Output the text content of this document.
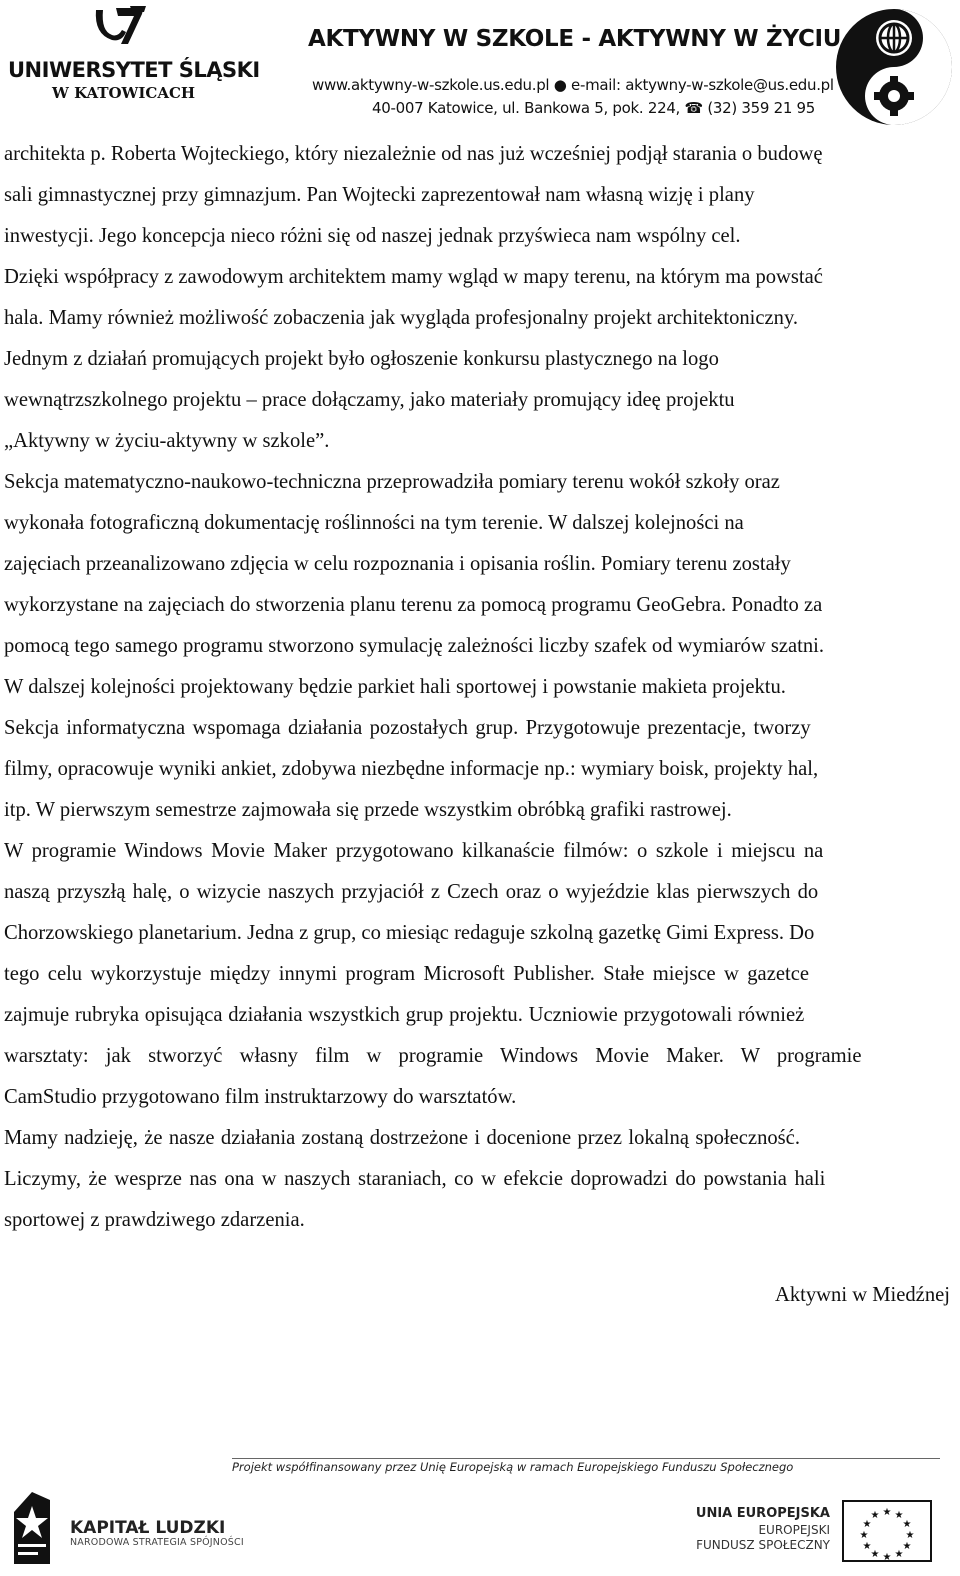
UNIWERSYTET ŚLĄSKI
W KATOWICACH
AKTYWNY W SZKOLE - AKTYWNY W ŻYCIU
www.aktywny-w-szkole.us.edu.pl ● e-mail: aktywny-w-szkole@us.edu.pl
40-007 Katowice, ul. Bankowa 5, pok. 224, ☎ (32) 359 21 95

architekta p. Roberta Wojteckiego, który niezależnie od nas już wcześniej podjął starania o budowę
sali gimnastycznej przy gimnazjum. Pan Wojtecki zaprezentował nam własną wizję i plany
inwestycji. Jego koncepcja nieco różni się od naszej jednak przyświeca nam wspólny cel.
Dzięki współpracy z zawodowym architektem mamy wgląd w mapy terenu, na którym ma powstać
hala. Mamy również możliwość zobaczenia jak wygląda profesjonalny projekt architektoniczny.

Jednym z działań promujących projekt było ogłoszenie konkursu plastycznego na logo
wewnątrzszkolnego projektu – prace dołączamy, jako materiały promujący ideę projektu
„Aktywny w życiu-aktywny w szkole”.

Sekcja matematyczno-naukowo-techniczna przeprowadziła pomiary terenu wokół szkoły oraz
wykonała fotograficzną dokumentację roślinności na tym terenie. W dalszej kolejności na
zajęciach przeanalizowano zdjęcia w celu rozpoznania i opisania roślin. Pomiary terenu zostały
wykorzystane na zajęciach do stworzenia planu terenu za pomocą programu GeoGebra. Ponadto za
pomocą tego samego programu stworzono symulację zależności liczby szafek od wymiarów szatni.
W dalszej kolejności projektowany będzie parkiet hali sportowej i powstanie makieta projektu.

Sekcja informatyczna wspomaga działania pozostałych grup. Przygotowuje prezentacje, tworzy
filmy, opracowuje wyniki ankiet, zdobywa niezbędne informacje np.: wymiary boisk, projekty hal,
itp. W pierwszym semestrze zajmowała się przede wszystkim obróbką grafiki rastrowej.

W programie Windows Movie Maker przygotowano kilkanaście filmów: o szkole i miejscu na
naszą przyszłą halę, o wizycie naszych przyjaciół z Czech oraz o wyjeździe klas pierwszych do
Chorzowskiego planetarium. Jedna z grup, co miesiąc redaguje szkolną gazetkę Gimi Express. Do
tego celu wykorzystuje między innymi program Microsoft Publisher. Stałe miejsce w gazetce
zajmuje rubryka opisująca działania wszystkich grup projektu. Uczniowie przygotowali również
warsztaty: jak stworzyć własny film w programie Windows Movie Maker. W programie
CamStudio przygotowano film instruktarzowy do warsztatów.

Mamy nadzieję, że nasze działania zostaną dostrzeżone i docenione przez lokalną społeczność.
Liczymy, że wesprze nas ona w naszych staraniach, co w efekcie doprowadzi do powstania hali
sportowej z prawdziwego zdarzenia.

Aktywni w Miedźnej
Projekt współfinansowany przez Unię Europejską w ramach Europejskiego Funduszu Społecznego
KAPITAŁ LUDZKI
NARODOWA STRATEGIA SPÓJNOŚCI
UNIA EUROPEJSKA
EUROPEJSKI
FUNDUSZ SPOŁECZNY
★ ★
★
★
★
★
★
★
★
★
★
★
